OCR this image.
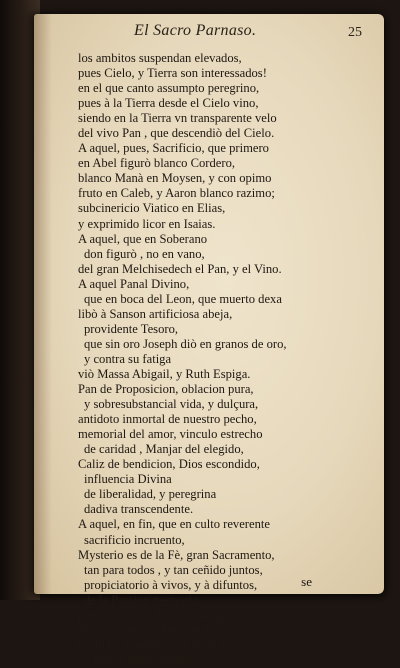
El Sacro Parnaso.	25
los ambitos suspendan elevados,
pues Cielo, y Tierra son interessados!
en el que canto assumpto peregrino,
pues à la Tierra desde el Cielo vino,
siendo en la Tierra vn transparente velo
del vivo Pan , que descendiò del Cielo.
A aquel, pues, Sacrificio, que primero
en Abel figurò blanco Cordero,
blanco Manà en Moysen, y con opimo
fruto en Caleb, y Aaron blanco razimo;
subcinericio Viatico en Elias,
y exprimido licor en Isaias.
A aquel, que en Soberano
don figurò , no en vano,
del gran Melchisedech el Pan, y el Vino.
A aquel Panal Divino,
que en boca del Leon, que muerto dexa
libò à Sanson artificiosa abeja,
providente Tesoro,
que sin oro Joseph diò en granos de oro,
y contra su fatiga
viò Massa Abigail, y Ruth Espiga.
Pan de Proposicion, oblacion pura,
y sobresubstancial vida, y dulçura,
antidoto inmortal de nuestro pecho,
memorial del amor, vinculo estrecho
de caridad , Manjar del elegido,
Caliz de bendicion, Dios escondido,
influencia Divina
de liberalidad, y peregrina
dadiva transcendente.
A aquel, en fin, que en culto reverente
sacrificio incruento,
Mysterio es de la Fè, gran Sacramento,
tan para todos , y tan ceñido juntos,
propiciatorio à vivos, y à difuntos,
de la Passion memoria,
prenda es feliz de la futura gloria.
Està de dones pobre , de ansias rica,
Catolica Academia, le dedica;
y pues à tanto empleo
se
